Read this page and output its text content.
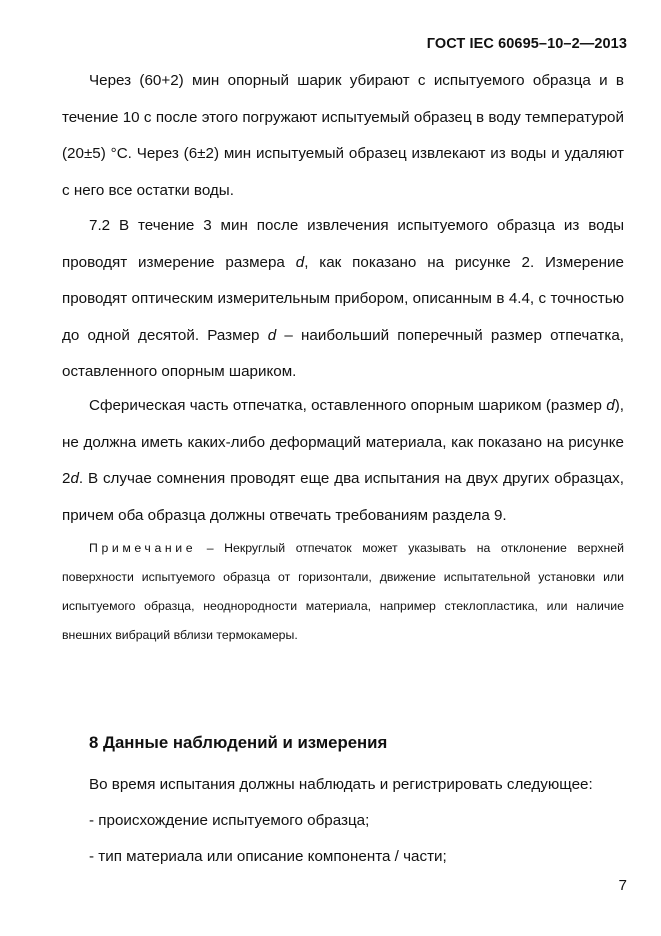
ГОСТ IEC 60695–10–2—2013

Через (60+2) мин опорный шарик убирают с испытуемого образца и в течение 10 с после этого погружают испытуемый образец в воду температурой (20±5) °C. Через (6±2) мин испытуемый образец извлекают из воды и удаляют с него все остатки воды.

7.2 В течение 3 мин после извлечения испытуемого образца из воды проводят измерение размера d, как показано на рисунке 2. Измерение проводят оптическим измерительным прибором, описанным в 4.4, с точностью до одной десятой. Размер d – наибольший поперечный размер отпечатка, оставленного опорным шариком.

Сферическая часть отпечатка, оставленного опорным шариком (размер d), не должна иметь каких-либо деформаций материала, как показано на рисунке 2d. В случае сомнения проводят еще два испытания на двух других образцах, причем оба образца должны отвечать требованиям раздела 9.

Примечание – Некруглый отпечаток может указывать на отклонение верхней поверхности испытуемого образца от горизонтали, движение испытательной установки или испытуемого образца, неоднородности материала, например стеклопластика, или наличие внешних вибраций вблизи термокамеры.

8 Данные наблюдений и измерения

Во время испытания должны наблюдать и регистрировать следующее:

- происхождение испытуемого образца;

- тип материала или описание компонента / части;

7
